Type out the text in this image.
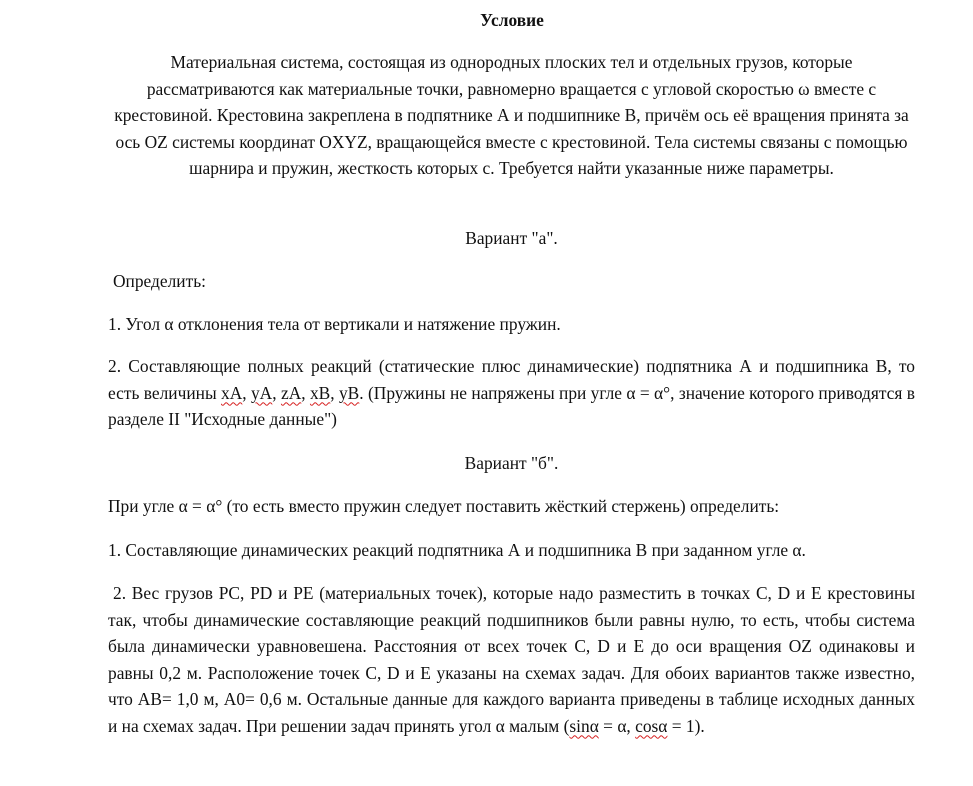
Условие

Материальная система, состоящая из однородных плоских тел и отдельных грузов, которые рассматриваются как материальные точки, равномерно вращается с угловой скоростью ω вместе с крестовиной. Крестовина закреплена в подпятнике А и подшипнике В, причём ось её вращения принята за ось OZ системы координат OXYZ, вращающейся вместе с крестовиной. Тела системы связаны с помощью шарнира и пружин, жесткость которых c. Требуется найти указанные ниже параметры.

Вариант "а".

Определить:

1. Угол α отклонения тела от вертикали и натяжение пружин.

2. Составляющие полных реакций (статические плюс динамические) подпятника А и подшипника В, то есть величины xA, yA, zA, xB, yB. (Пружины не напряжены при угле α = α°, значение которого приводятся в разделе II "Исходные данные")

Вариант "б".

При угле α = α° (то есть вместо пружин следует поставить жёсткий стержень) определить:

1. Составляющие динамических реакций подпятника А и подшипника В при заданном угле α.

2. Вес грузов PC, PD и PE (материальных точек), которые надо разместить в точках C, D и E крестовины так, чтобы динамические составляющие реакций подшипников были равны нулю, то есть, чтобы система была динамически уравновешена. Расстояния от всех точек C, D и E до оси вращения OZ одинаковы и равны 0,2 м. Расположение точек C, D и E указаны на схемах задач. Для обоих вариантов также известно, что AB= 1,0 м, A0= 0,6 м. Остальные данные для каждого варианта приведены в таблице исходных данных и на схемах задач. При решении задач принять угол α малым (sinα = α, cosα = 1).
